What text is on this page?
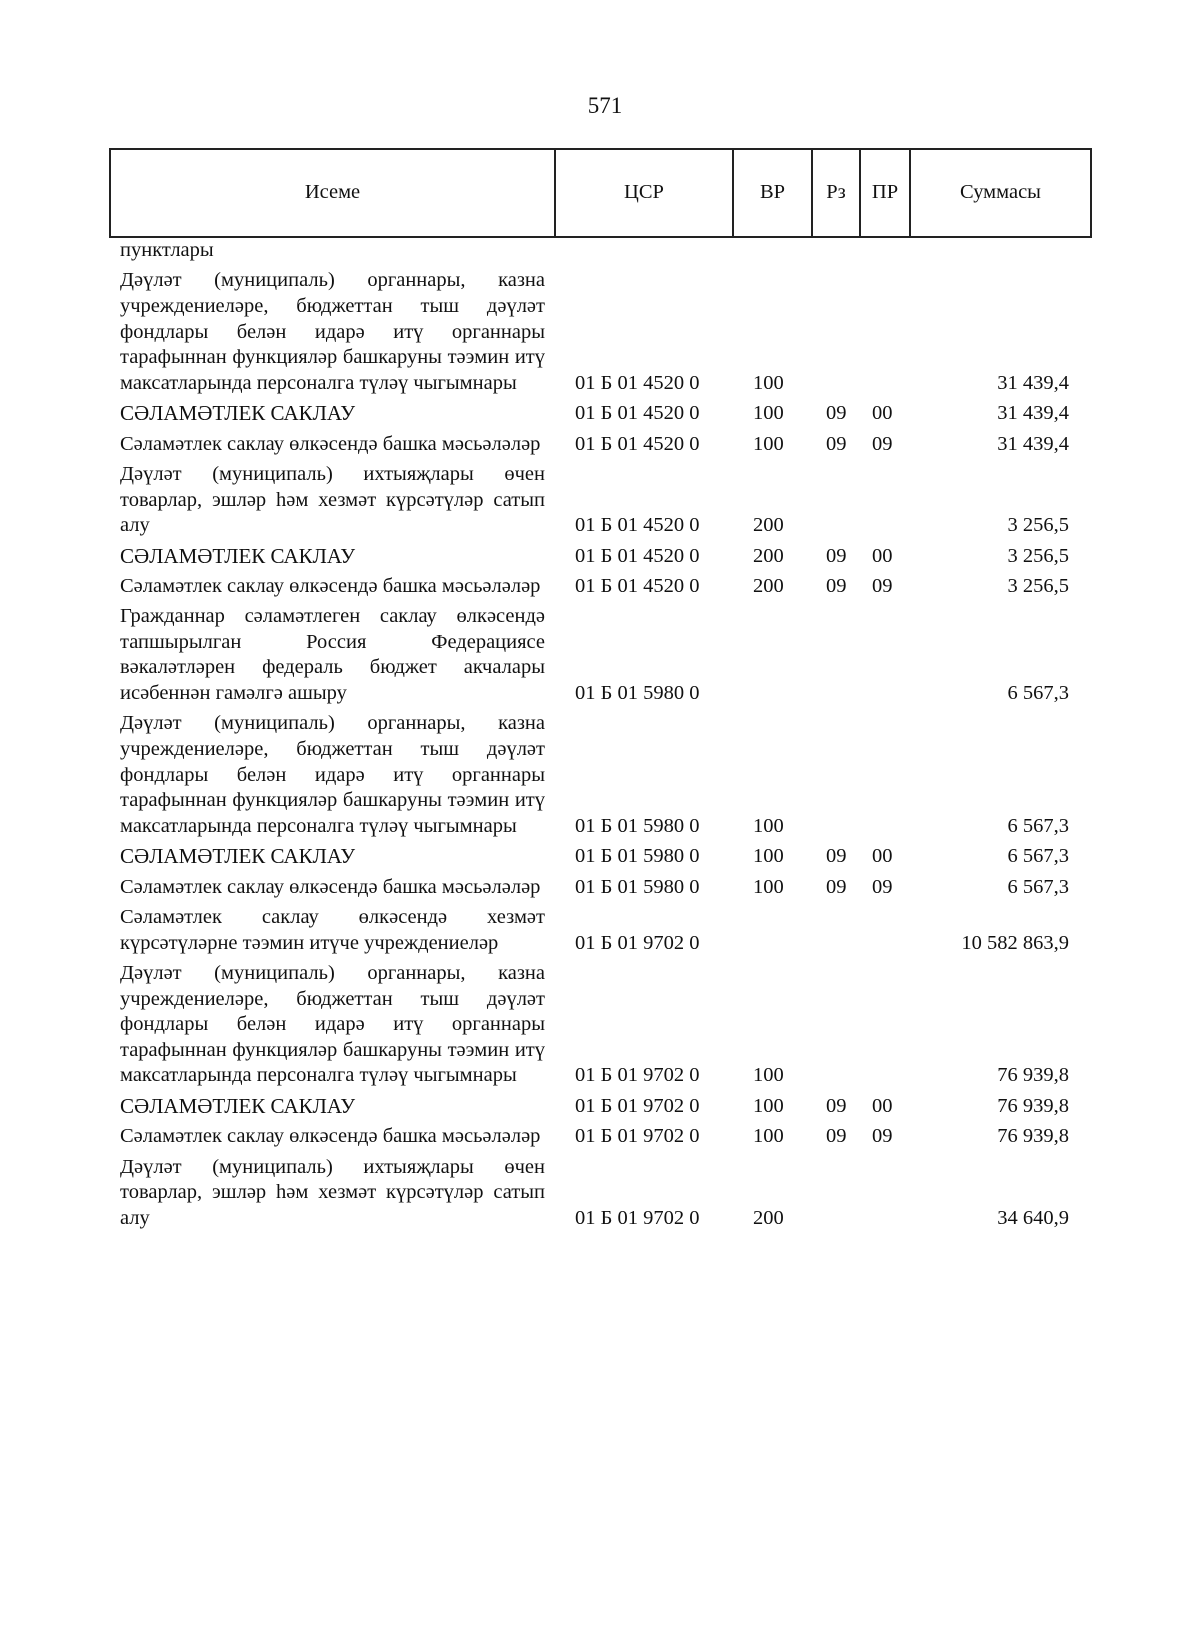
571
Исеме	ЦСР	ВР	Рз	ПР	Суммасы
пунктлары					
Дәүләт (муниципаль) органнары, казна учреждениеләре, бюджеттан тыш дәүләт фондлары белән идарә итү органнары тарафыннан функцияләр башкаруны тәэмин итү максатларында персоналга түләү чыгымнары	01 Б 01 4520 0	100			31 439,4
СӘЛАМӘТЛЕК САКЛАУ	01 Б 01 4520 0	100	09	00	31 439,4
Сәламәтлек саклау өлкәсендә башка мәсьәләләр	01 Б 01 4520 0	100	09	09	31 439,4
Дәүләт (муниципаль) ихтыяҗлары өчен товарлар, эшләр һәм хезмәт күрсәтүләр сатып алу	01 Б 01 4520 0	200			3 256,5
СӘЛАМӘТЛЕК САКЛАУ	01 Б 01 4520 0	200	09	00	3 256,5
Сәламәтлек саклау өлкәсендә башка мәсьәләләр	01 Б 01 4520 0	200	09	09	3 256,5
Гражданнар сәламәтлеген саклау өлкәсендә тапшырылган Россия Федерациясе вәкаләтләрен федераль бюджет акчалары исәбеннән гамәлгә ашыру	01 Б 01 5980 0				6 567,3
Дәүләт (муниципаль) органнары, казна учреждениеләре, бюджеттан тыш дәүләт фондлары белән идарә итү органнары тарафыннан функцияләр башкаруны тәэмин итү максатларында персоналга түләү чыгымнары	01 Б 01 5980 0	100			6 567,3
СӘЛАМӘТЛЕК САКЛАУ	01 Б 01 5980 0	100	09	00	6 567,3
Сәламәтлек саклау өлкәсендә башка мәсьәләләр	01 Б 01 5980 0	100	09	09	6 567,3
Сәламәтлек саклау өлкәсендә хезмәт күрсәтүләрне тәэмин итүче учреждениеләр	01 Б 01 9702 0				10 582 863,9
Дәүләт (муниципаль) органнары, казна учреждениеләре, бюджеттан тыш дәүләт фондлары белән идарә итү органнары тарафыннан функцияләр башкаруны тәэмин итү максатларында персоналга түләү чыгымнары	01 Б 01 9702 0	100			76 939,8
СӘЛАМӘТЛЕК САКЛАУ	01 Б 01 9702 0	100	09	00	76 939,8
Сәламәтлек саклау өлкәсендә башка мәсьәләләр	01 Б 01 9702 0	100	09	09	76 939,8
Дәүләт (муниципаль) ихтыяҗлары өчен товарлар, эшләр һәм хезмәт күрсәтүләр сатып алу	01 Б 01 9702 0	200			34 640,9
